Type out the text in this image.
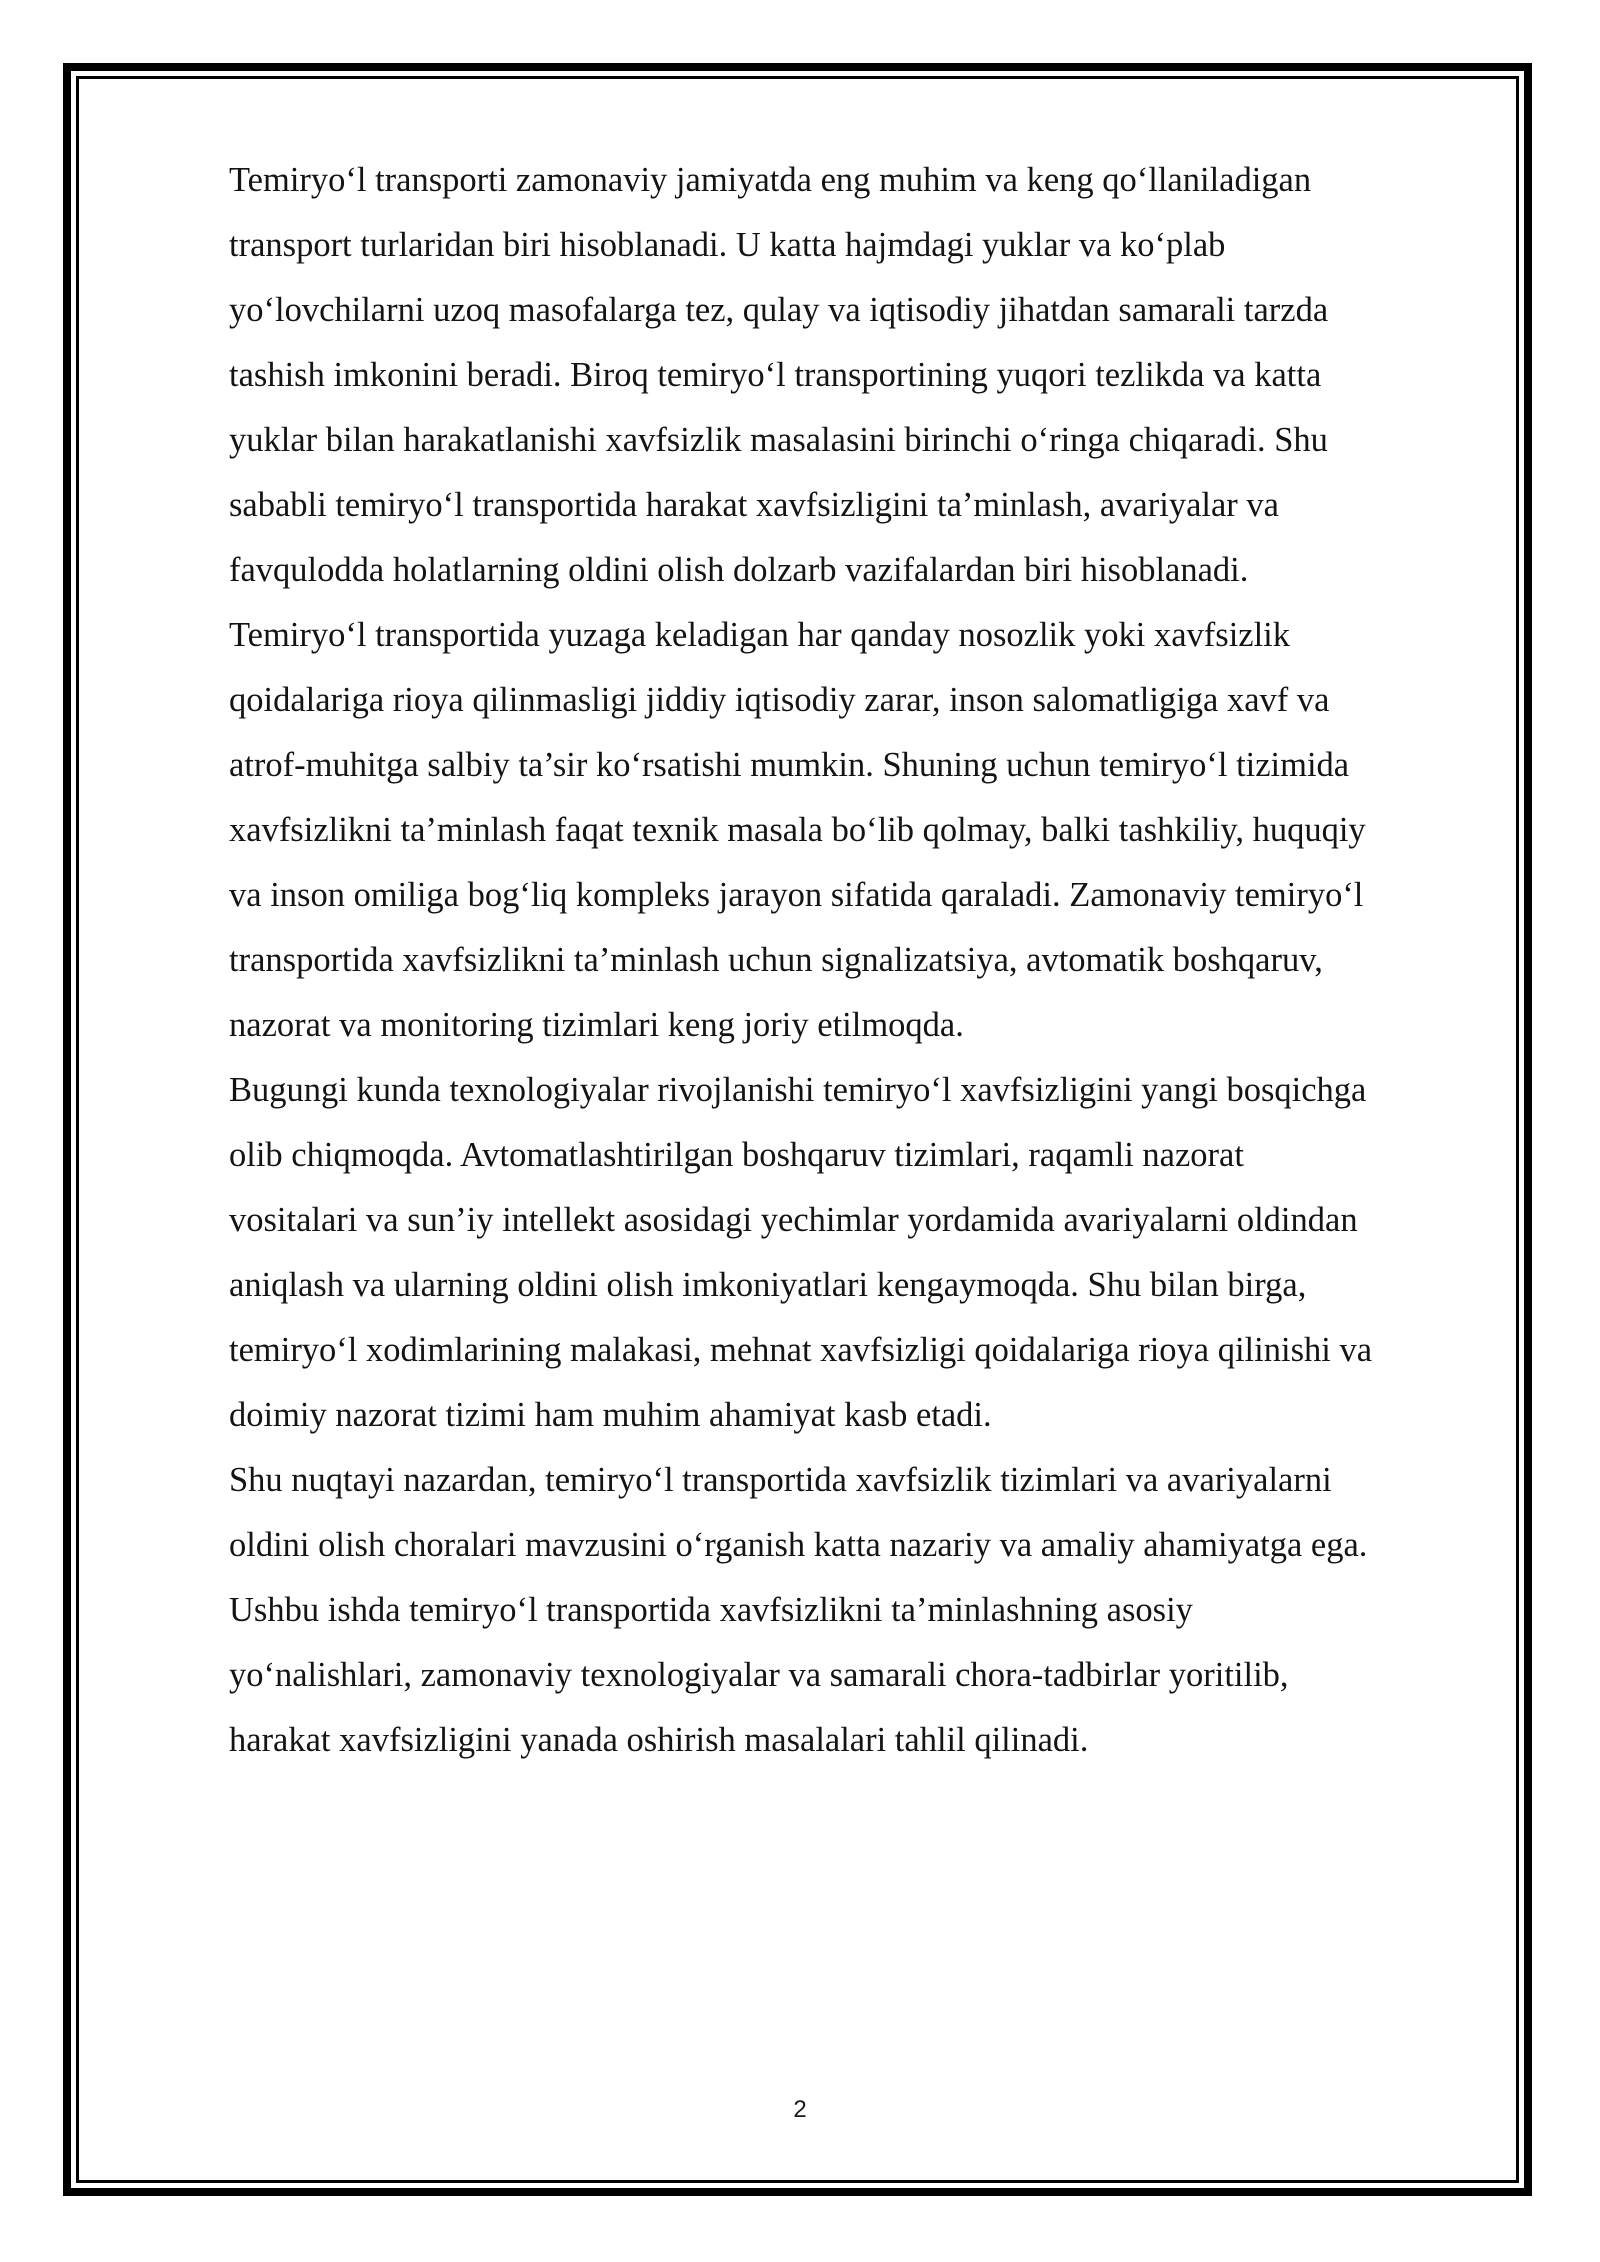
Temiryo‘l transporti zamonaviy jamiyatda eng muhim va keng qo‘llaniladigan
transport turlaridan biri hisoblanadi. U katta hajmdagi yuklar va ko‘plab
yo‘lovchilarni uzoq masofalarga tez, qulay va iqtisodiy jihatdan samarali tarzda
tashish imkonini beradi. Biroq temiryo‘l transportining yuqori tezlikda va katta
yuklar bilan harakatlanishi xavfsizlik masalasini birinchi o‘ringa chiqaradi. Shu
sababli temiryo‘l transportida harakat xavfsizligini ta’minlash, avariyalar va
favqulodda holatlarning oldini olish dolzarb vazifalardan biri hisoblanadi.
Temiryo‘l transportida yuzaga keladigan har qanday nosozlik yoki xavfsizlik
qoidalariga rioya qilinmasligi jiddiy iqtisodiy zarar, inson salomatligiga xavf va
atrof-muhitga salbiy ta’sir ko‘rsatishi mumkin. Shuning uchun temiryo‘l tizimida
xavfsizlikni ta’minlash faqat texnik masala bo‘lib qolmay, balki tashkiliy, huquqiy
va inson omiliga bog‘liq kompleks jarayon sifatida qaraladi. Zamonaviy temiryo‘l
transportida xavfsizlikni ta’minlash uchun signalizatsiya, avtomatik boshqaruv,
nazorat va monitoring tizimlari keng joriy etilmoqda.
Bugungi kunda texnologiyalar rivojlanishi temiryo‘l xavfsizligini yangi bosqichga
olib chiqmoqda. Avtomatlashtirilgan boshqaruv tizimlari, raqamli nazorat
vositalari va sun’iy intellekt asosidagi yechimlar yordamida avariyalarni oldindan
aniqlash va ularning oldini olish imkoniyatlari kengaymoqda. Shu bilan birga,
temiryo‘l xodimlarining malakasi, mehnat xavfsizligi qoidalariga rioya qilinishi va
doimiy nazorat tizimi ham muhim ahamiyat kasb etadi.
Shu nuqtayi nazardan, temiryo‘l transportida xavfsizlik tizimlari va avariyalarni
oldini olish choralari mavzusini o‘rganish katta nazariy va amaliy ahamiyatga ega.
Ushbu ishda temiryo‘l transportida xavfsizlikni ta’minlashning asosiy
yo‘nalishlari, zamonaviy texnologiyalar va samarali chora-tadbirlar yoritilib,
harakat xavfsizligini yanada oshirish masalalari tahlil qilinadi.
2
